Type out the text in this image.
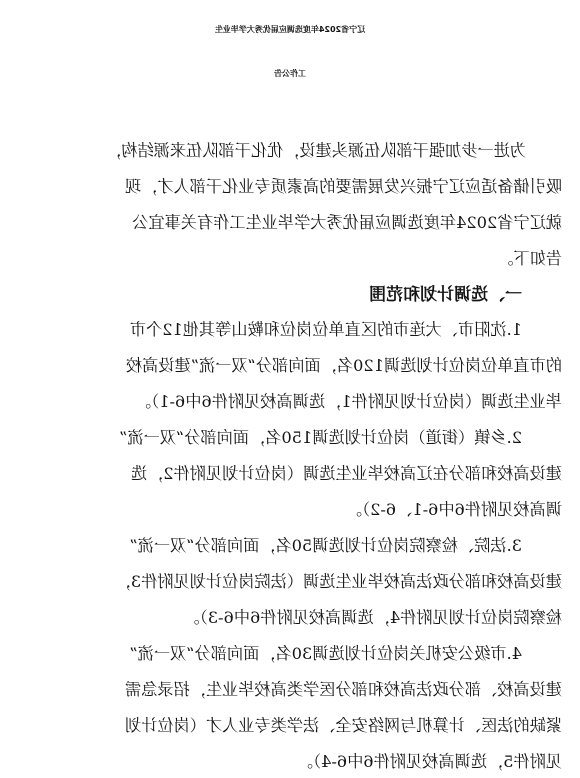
辽宁省2024年度选调应届优秀大学毕业生
工作公告

为进一步加强干部队伍源头建设，优化干部队伍来源结构，

吸引储备适应辽宁振兴发展需要的高素质专业化干部人才，现

就辽宁省2024年度选调应届优秀大学毕业生工作有关事宜公

告如下。

一、选调计划和范围

1.沈阳市、大连市的区直单位岗位和鞍山等其他12个市

的市直单位岗位计划选调120名，面向部分“双一流”建设高校

毕业生选调（岗位计划见附件1，选调高校见附件6中6-1）。

2.乡镇（街道）岗位计划选调150名，面向部分“双一流”

建设高校和部分在辽高校毕业生选调（岗位计划见附件2，选

调高校见附件6中6-1、6-2）。

3.法院、检察院岗位计划选调50名，面向部分“双一流”

建设高校和部分政法高校毕业生选调（法院岗位计划见附件3，

检察院岗位计划见附件4，选调高校见附件6中6-3）。

4.市级公安机关岗位计划选调30名，面向部分“双一流”

建设高校、部分政法高校和部分医学类高校毕业生，招录急需

紧缺的法医、计算机与网络安全、法学类专业人才（岗位计划

见附件5，选调高校见附件6中6-4）。
